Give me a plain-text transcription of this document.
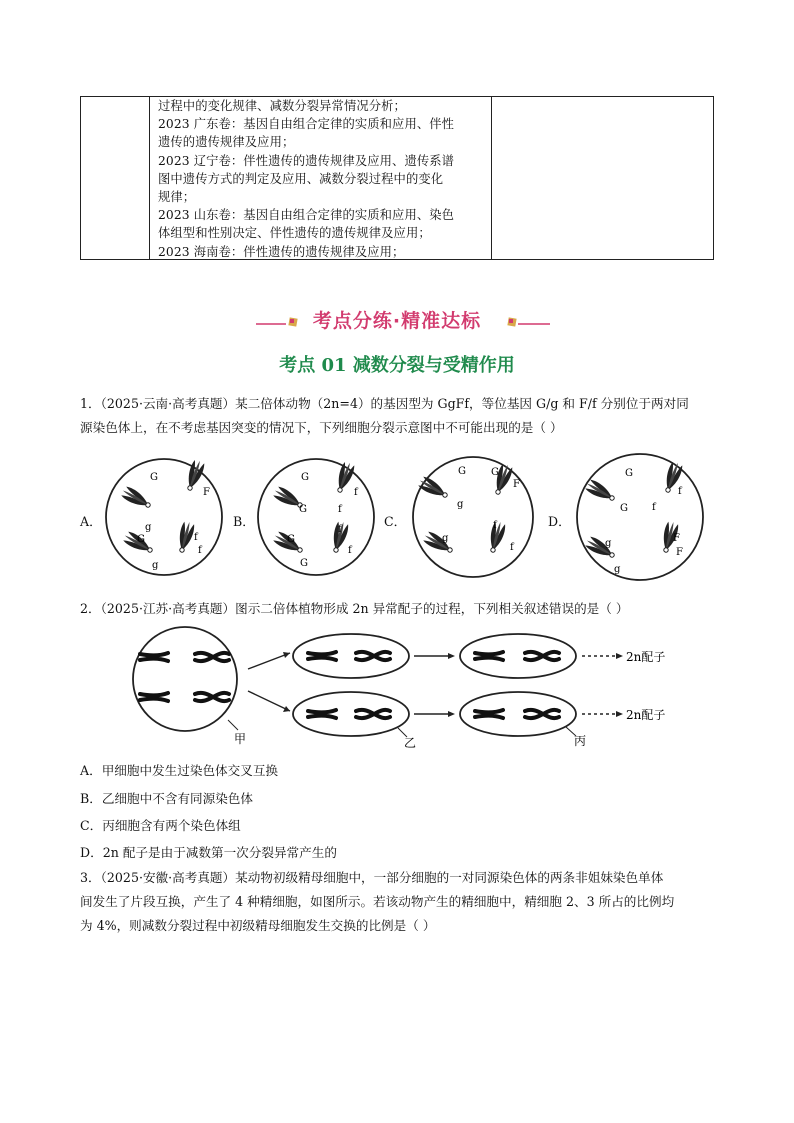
过程中的变化规律、减数分裂异常情况分析；
2023 广东卷：基因自由组合定律的实质和应用、伴性
遗传的遗传规律及应用；
2023 辽宁卷：伴性遗传的遗传规律及应用、遗传系谱
图中遗传方式的判定及应用、减数分裂过程中的变化
规律；
2023 山东卷：基因自由组合定律的实质和应用、染色
体组型和性别决定、伴性遗传的遗传规律及应用；
2023 海南卷：伴性遗传的遗传规律及应用；
考点分练·精准达标
考点 01 减数分裂与受精作用
1．（2025·云南·高考真题）某二倍体动物（2n=4）的基因型为 GgFf，等位基因 G/g 和 F/f 分别位于两对同
源染色体上，在不考虑基因突变的情况下，下列细胞分裂示意图中不可能出现的是（ ）
A．	B．	C．	D．
G
g
F
G
g
f
f
G
G
f
f
G
G
f
f
G	G
F
g
g
f
f
G
G
f
f
g
g
F
F
2．（2025·江苏·高考真题）图示二倍体植物形成 2n 异常配子的过程，下列相关叙述错误的是（ ）
2n配子
2n配子
甲	乙	丙
A．甲细胞中发生过染色体交叉互换
B．乙细胞中不含有同源染色体
C．丙细胞含有两个染色体组
D．2n 配子是由于减数第一次分裂异常产生的
3．（2025·安徽·高考真题）某动物初级精母细胞中，一部分细胞的一对同源染色体的两条非姐妹染色单体
间发生了片段互换，产生了 4 种精细胞，如图所示。若该动物产生的精细胞中，精细胞 2、3 所占的比例均
为 4%，则减数分裂过程中初级精母细胞发生交换的比例是（ ）
